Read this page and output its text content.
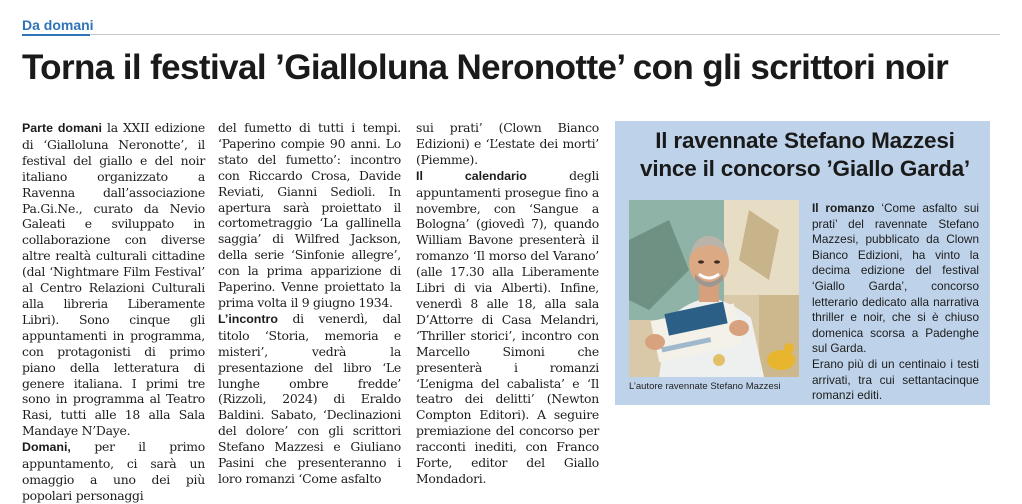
Da domani
Torna il festival ’Gialloluna Neronotte’ con gli scrittori noir

Parte domani la XXII edizione di ‘Gialloluna Neronotte’, il festival del giallo e del noir italiano organizzato a Ravenna dall’associazione Pa.Gi.Ne., curato da Nevio Galeati e sviluppato in collaborazione con diverse altre realtà culturali cittadine (dal ‘Nightmare Film Festival’ al Centro Relazioni Culturali alla libreria Liberamente Libri). Sono cinque gli appuntamenti in programma, con protagonisti di primo piano della letteratura di genere italiana. I primi tre sono in programma al Teatro Rasi, tutti alle 18 alla Sala Mandaye N’Daye.

Domani, per il primo appuntamento, ci sarà un omaggio a uno dei più popolari personaggi

del fumetto di tutti i tempi. ‘Paperino compie 90 anni. Lo stato del fumetto’: incontro con Riccardo Crosa, Davide Reviati, Gianni Sedioli. In apertura sarà proiettato il cortometraggio ‘La gallinella saggia’ di Wilfred Jackson, della serie ‘Sinfonie allegre’, con la prima apparizione di Paperino. Venne proiettato la prima volta il 9 giugno 1934.

L’incontro di venerdì, dal titolo ‘Storia, memoria e misteri’, vedrà la presentazione del libro ‘Le lunghe ombre fredde’ (Rizzoli, 2024) di Eraldo Baldini. Sabato, ‘Declinazioni del dolore’ con gli scrittori Stefano Mazzesi e Giuliano Pasini che presenteranno i loro romanzi ‘Come asfalto

sui prati’ (Clown Bianco Edizioni) e ‘L’estate dei morti’ (Piemme).

Il calendario degli appuntamenti prosegue fino a novembre, con ‘Sangue a Bologna’ (giovedì 7), quando William Bavone presenterà il romanzo ‘Il morso del Varano’ (alle 17.30 alla Liberamente Libri di via Alberti). Infine, venerdì 8 alle 18, alla sala D’Attorre di Casa Melandri, ‘Thriller storici’, incontro con Marcello Simoni che presenterà i romanzi ‘L’enigma del cabalista’ e ‘Il teatro dei delitti’ (Newton Compton Editori). A seguire premiazione del concorso per racconti inediti, con Franco Forte, editor del Giallo Mondadori.

Il ravennate Stefano Mazzesi vince il concorso ’Giallo Garda’
L’autore ravennate Stefano Mazzesi

Il romanzo ‘Come asfalto sui prati’ del ravennate Stefano Mazzesi, pubblicato da Clown Bianco Edizioni, ha vinto la decima edizione del festival ‘Giallo Garda’, concorso letterario dedicato alla narrativa thriller e noir, che si è chiuso domenica scorsa a Padenghe sul Garda.

Erano più di un centinaio i testi arrivati, tra cui settantacinque romanzi editi.
